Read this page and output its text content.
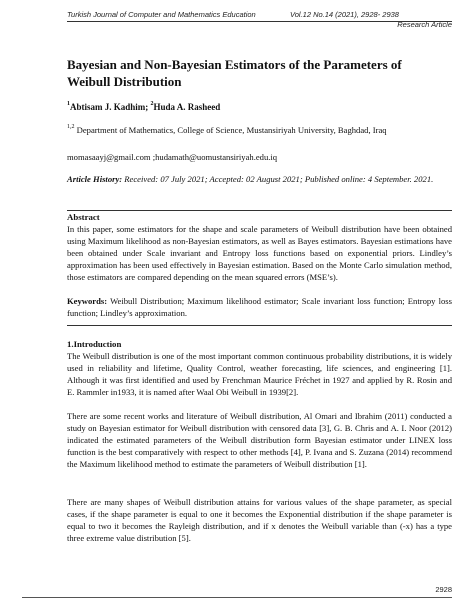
Turkish Journal of Computer and Mathematics Education	Vol.12 No.14 (2021), 2928- 2938
Research Article
Bayesian and Non-Bayesian Estimators of the Parameters of Weibull Distribution
$^1$Abtisam J. Kadhim; $^2$Huda A. Rasheed
$^{1,2}$ Department of Mathematics, College of Science, Mustansiriyah University, Baghdad, Iraq
momasaayj@gmail.com ;hudamath@uomustansiriyah.edu.iq
Article History: Received: 07 July 2021; Accepted: 02 August 2021; Published online: 4 September. 2021.
Abstract

In this paper, some estimators for the shape and scale parameters of Weibull distribution have been obtained using Maximum likelihood as non-Bayesian estimators, as well as Bayes estimators. Bayesian estimations have been obtained under Scale invariant and Entropy loss functions based on exponential priors. Lindley’s approximation has been used effectively in Bayesian estimation. Based on the Monte Carlo simulation method, those estimators are compared depending on the mean squared errors (MSE’s).

Keywords: Weibull Distribution; Maximum likelihood estimator; Scale invariant loss function; Entropy loss function; Lindley’s approximation.

1.Introduction

The Weibull distribution is one of the most important common continuous probability distributions, it is widely used in reliability and lifetime, Quality Control, weather forecasting, life sciences, and engineering [1]. Although it was first identified and used by Frenchman Maurice Fréchet in 1927 and applied by R. Rosin and E. Rammler in1933, it is named after Waal Obi Weibull in 1939[2].

There are some recent works and literature of Weibull distribution, Al Omari and Ibrahim (2011) conducted a study on Bayesian estimator for Weibull distribution with censored data [3], G. B. Chris and A. I. Noor (2012) indicated the estimated parameters of the Weibull distribution form Bayesian estimator under LINEX loss function is the best comparatively with respect to other methods [4], P. Ivana and S. Zuzana (2014) recommend the Maximum likelihood method to estimate the parameters of Weibull distribution [1].

There are many shapes of Weibull distribution attains for various values of the shape parameter, as special cases, if the shape parameter is equal to one it becomes the Exponential distribution if the shape parameter is equal to two it becomes the Rayleigh distribution, and if x denotes the Weibull variable than (-x) has a type three extreme value distribution [5].

2928
